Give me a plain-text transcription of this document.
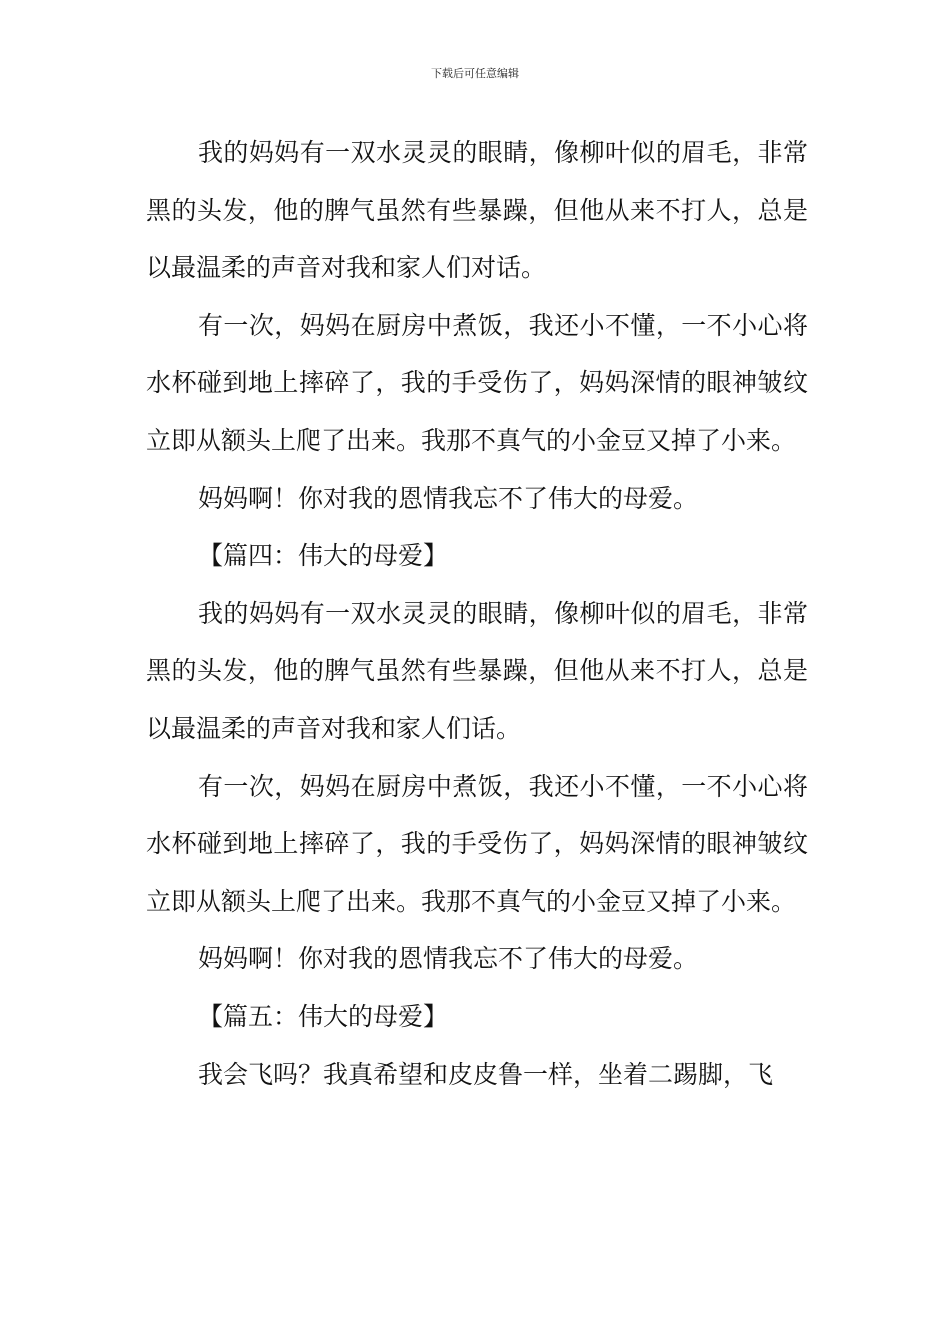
下载后可任意编辑

我的妈妈有一双水灵灵的眼睛，像柳叶似的眉毛，非常黑的头发，他的脾气虽然有些暴躁，但他从来不打人，总是以最温柔的声音对我和家人们对话。

有一次，妈妈在厨房中煮饭，我还小不懂，一不小心将水杯碰到地上摔碎了，我的手受伤了，妈妈深情的眼神皱纹立即从额头上爬了出来。我那不真气的小金豆又掉了小来。

妈妈啊！你对我的恩情我忘不了伟大的母爱。

【篇四：伟大的母爱】

我的妈妈有一双水灵灵的眼睛，像柳叶似的眉毛，非常黑的头发，他的脾气虽然有些暴躁，但他从来不打人，总是以最温柔的声音对我和家人们话。

有一次，妈妈在厨房中煮饭，我还小不懂，一不小心将水杯碰到地上摔碎了，我的手受伤了，妈妈深情的眼神皱纹立即从额头上爬了出来。我那不真气的小金豆又掉了小来。

妈妈啊！你对我的恩情我忘不了伟大的母爱。

【篇五：伟大的母爱】

我会飞吗？我真希望和皮皮鲁一样，坐着二踢脚，飞
